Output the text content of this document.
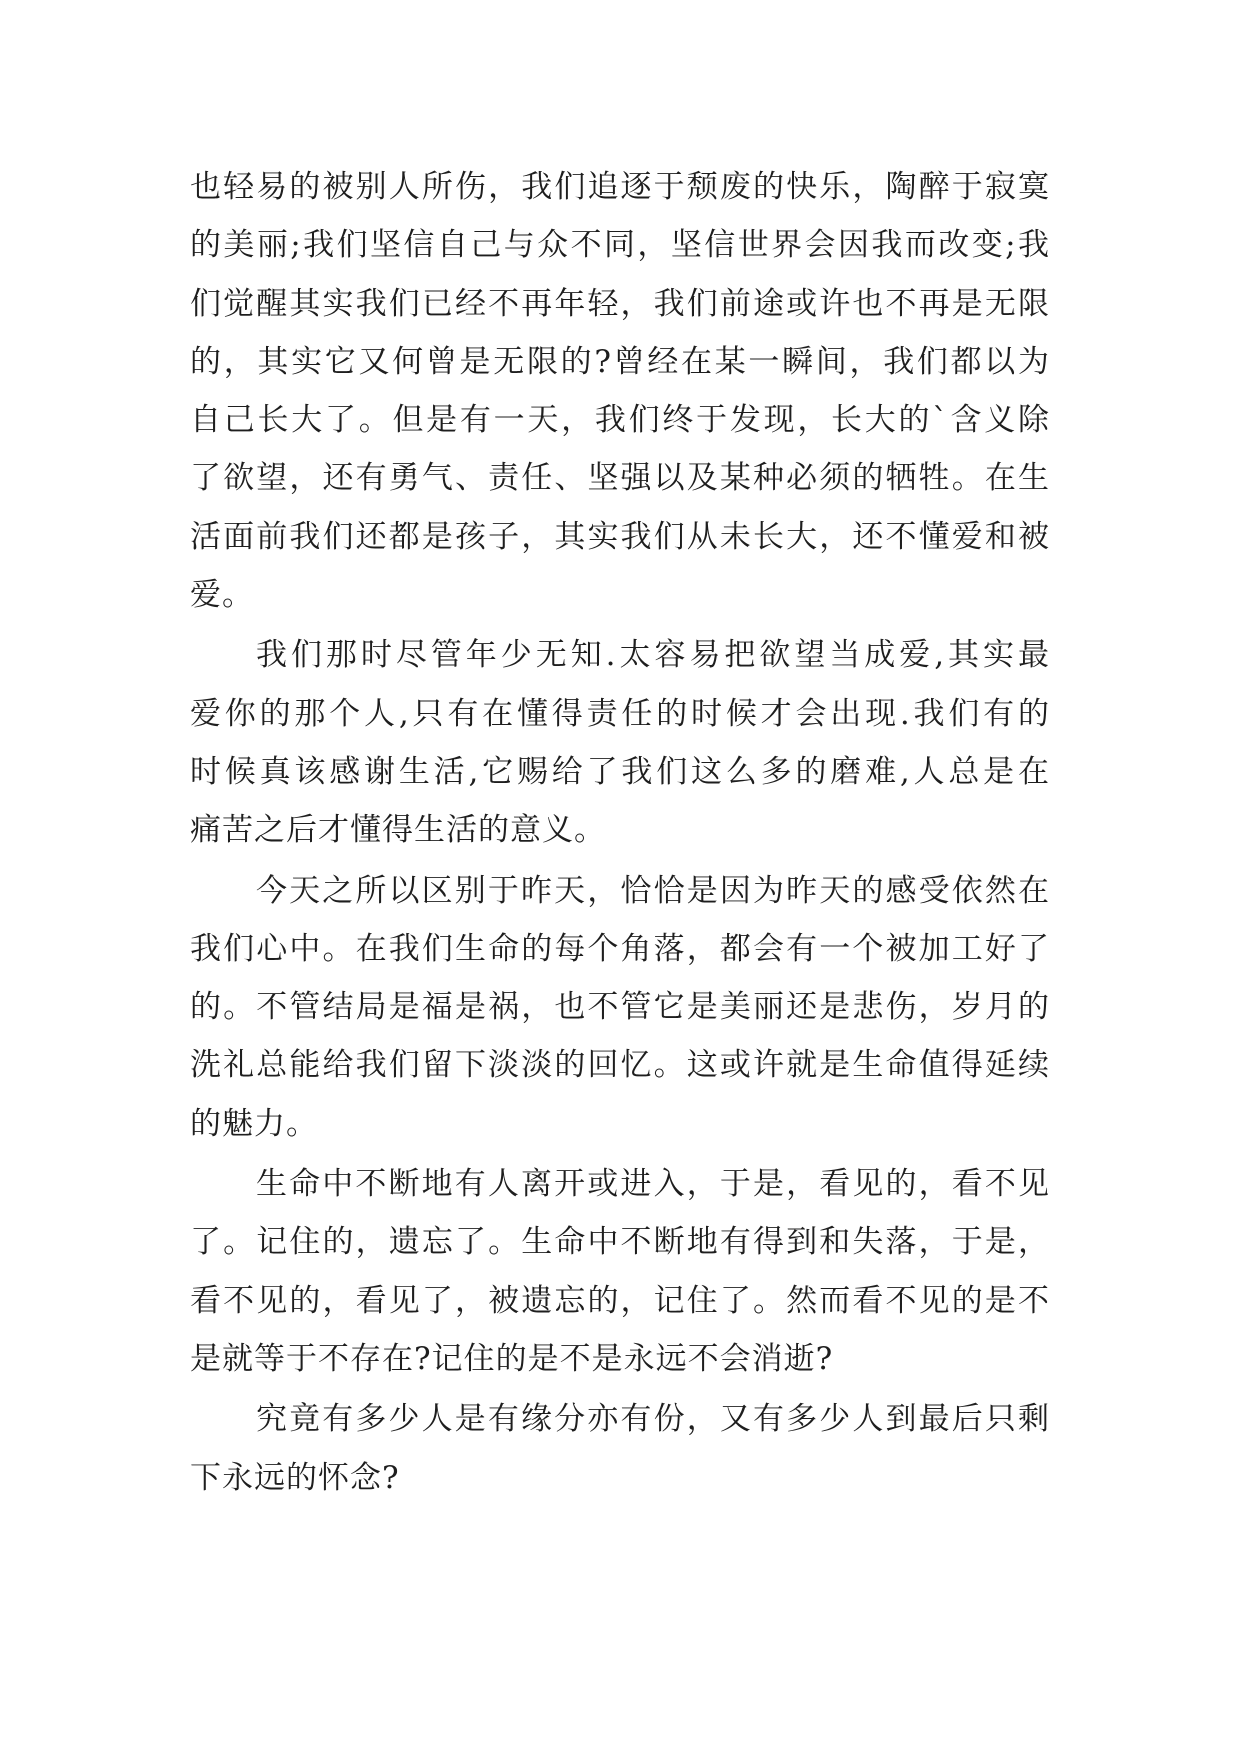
也轻易的被别人所伤，我们追逐于颓废的快乐，陶醉于寂寞
的美丽;我们坚信自己与众不同，坚信世界会因我而改变;我
们觉醒其实我们已经不再年轻，我们前途或许也不再是无限
的，其实它又何曾是无限的?曾经在某一瞬间，我们都以为
自己长大了。但是有一天，我们终于发现，长大的`含义除
了欲望，还有勇气、责任、坚强以及某种必须的牺牲。在生
活面前我们还都是孩子，其实我们从未长大，还不懂爱和被
爱。
我们那时尽管年少无知.太容易把欲望当成爱,其实最
爱你的那个人,只有在懂得责任的时候才会出现.我们有的
时候真该感谢生活,它赐给了我们这么多的磨难,人总是在
痛苦之后才懂得生活的意义。
今天之所以区别于昨天，恰恰是因为昨天的感受依然在
我们心中。在我们生命的每个角落，都会有一个被加工好了
的。不管结局是福是祸，也不管它是美丽还是悲伤，岁月的
洗礼总能给我们留下淡淡的回忆。这或许就是生命值得延续
的魅力。
生命中不断地有人离开或进入，于是，看见的，看不见
了。记住的，遗忘了。生命中不断地有得到和失落，于是，
看不见的，看见了，被遗忘的，记住了。然而看不见的是不
是就等于不存在?记住的是不是永远不会消逝?
究竟有多少人是有缘分亦有份，又有多少人到最后只剩
下永远的怀念?
